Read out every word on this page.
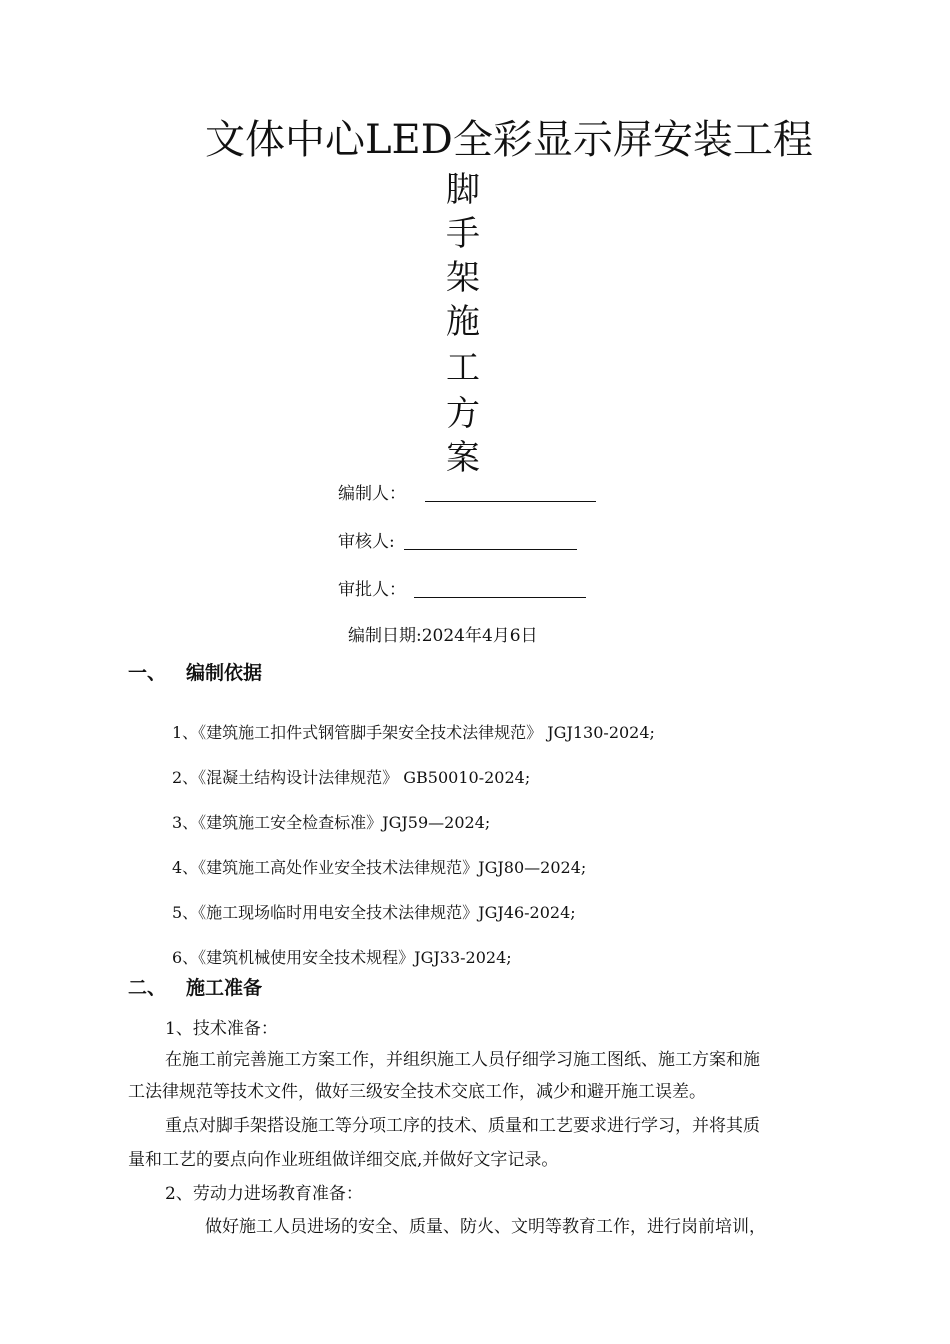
文体中心LED全彩显示屏安装工程
脚
手
架
施
工
方
案
编制人：
审核人:
审批人：
编制日期:2024年4月6日
一、 编制依据
1、《建筑施工扣件式钢管脚手架安全技术法律规范》 JGJ130-2024;
2、《混凝土结构设计法律规范》 GB50010-2024;
3、《建筑施工安全检查标准》JGJ59—2024;
4、《建筑施工高处作业安全技术法律规范》JGJ80—2024;
5、《施工现场临时用电安全技术法律规范》JGJ46-2024;
6、《建筑机械使用安全技术规程》JGJ33-2024;
二、 施工准备
1、技术准备：
在施工前完善施工方案工作，并组织施工人员仔细学习施工图纸、施工方案和施
工法律规范等技术文件，做好三级安全技术交底工作，减少和避开施工误差。
重点对脚手架搭设施工等分项工序的技术、质量和工艺要求进行学习，并将其质
量和工艺的要点向作业班组做详细交底,并做好文字记录。
2、劳动力进场教育准备：
做好施工人员进场的安全、质量、防火、文明等教育工作，进行岗前培训，
